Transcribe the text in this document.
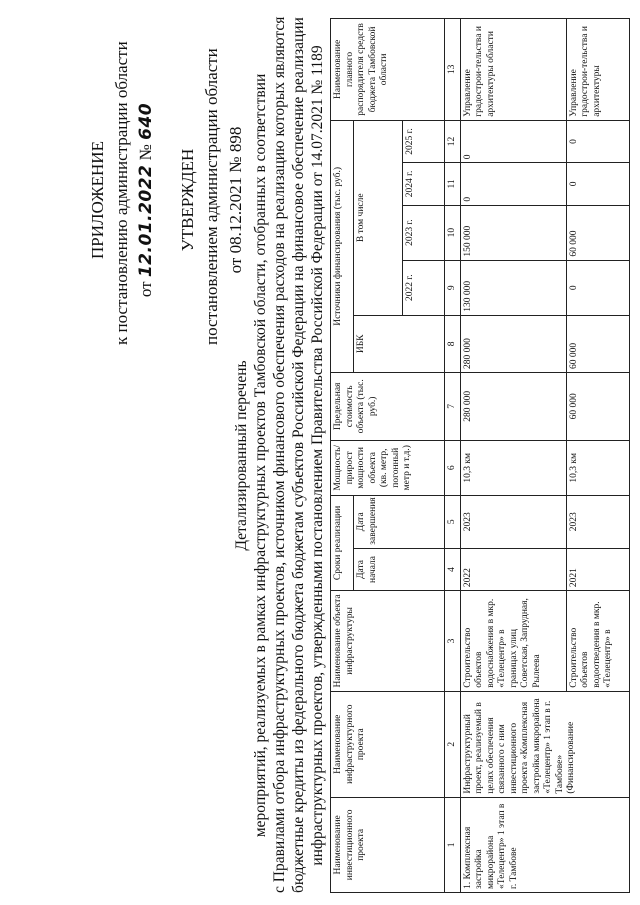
ПРИЛОЖЕНИЕ к постановлению администрации области от 12.01.2022 № 640
УТВЕРЖДЕН постановлением администрации области от 08.12.2021 № 898
Детализированный перечень мероприятий, реализуемых в рамках инфраструктурных проектов Тамбовской области, отобранных в соответствии с Правилами отбора инфраструктурных проектов, источником финансового обеспечения расходов на реализацию которых являются бюджетные кредиты из федерального бюджета бюджетам субъектов Российской Федерации на финансовое обеспечение реализации инфраструктурных проектов, утвержденными постановлением Правительства Российской Федерации от 14.07.2021 № 1189 Наименование инвестиционного проекта	Наименование инфраструктурного проекта	Наименование объекта инфраструктуры	Сроки реализации		Мощность/ прирост мощности объекта (кв. метр, погонный метр и т.д.)	Предельная стоимость объекта (тыс. руб.)	Источники финансирования (тыс. руб.)					Наименование главного распорядителя средств бюджета Тамбовской области
			Дата начала	Дата завершения			ИБК	В том числе				
								2022 г.	2023 г.	2024 г.	2025 г.	
1	2	3	4	5	6	7	8	9	10	11	12	13
1. Комплексная застройка микрорайона «Телецентр» 1 этап в г. Тамбове	Инфраструктурный проект, реализуемый в целях обеспечения связанного с ним инвестиционного проекта «Комплексная застройка микрорайона «Телецентр» 1 этап в г. Тамбове» (Финансирование	Строительство объектов водоснабжения в мкр. «Телецентр» в границах улиц Советская, Запрудная, Рылеева	2022	2023	10,3 км	280 000	280 000	130 000	150 000	0	0	Управление градострои-тельства и архитектуры области
		Строительство объектов водоотведения в мкр. «Телецентр» в	2021	2023	10,3 км	60 000	60 000	0	60 000	0	0	Управление градострои-тельства и архитектуры
